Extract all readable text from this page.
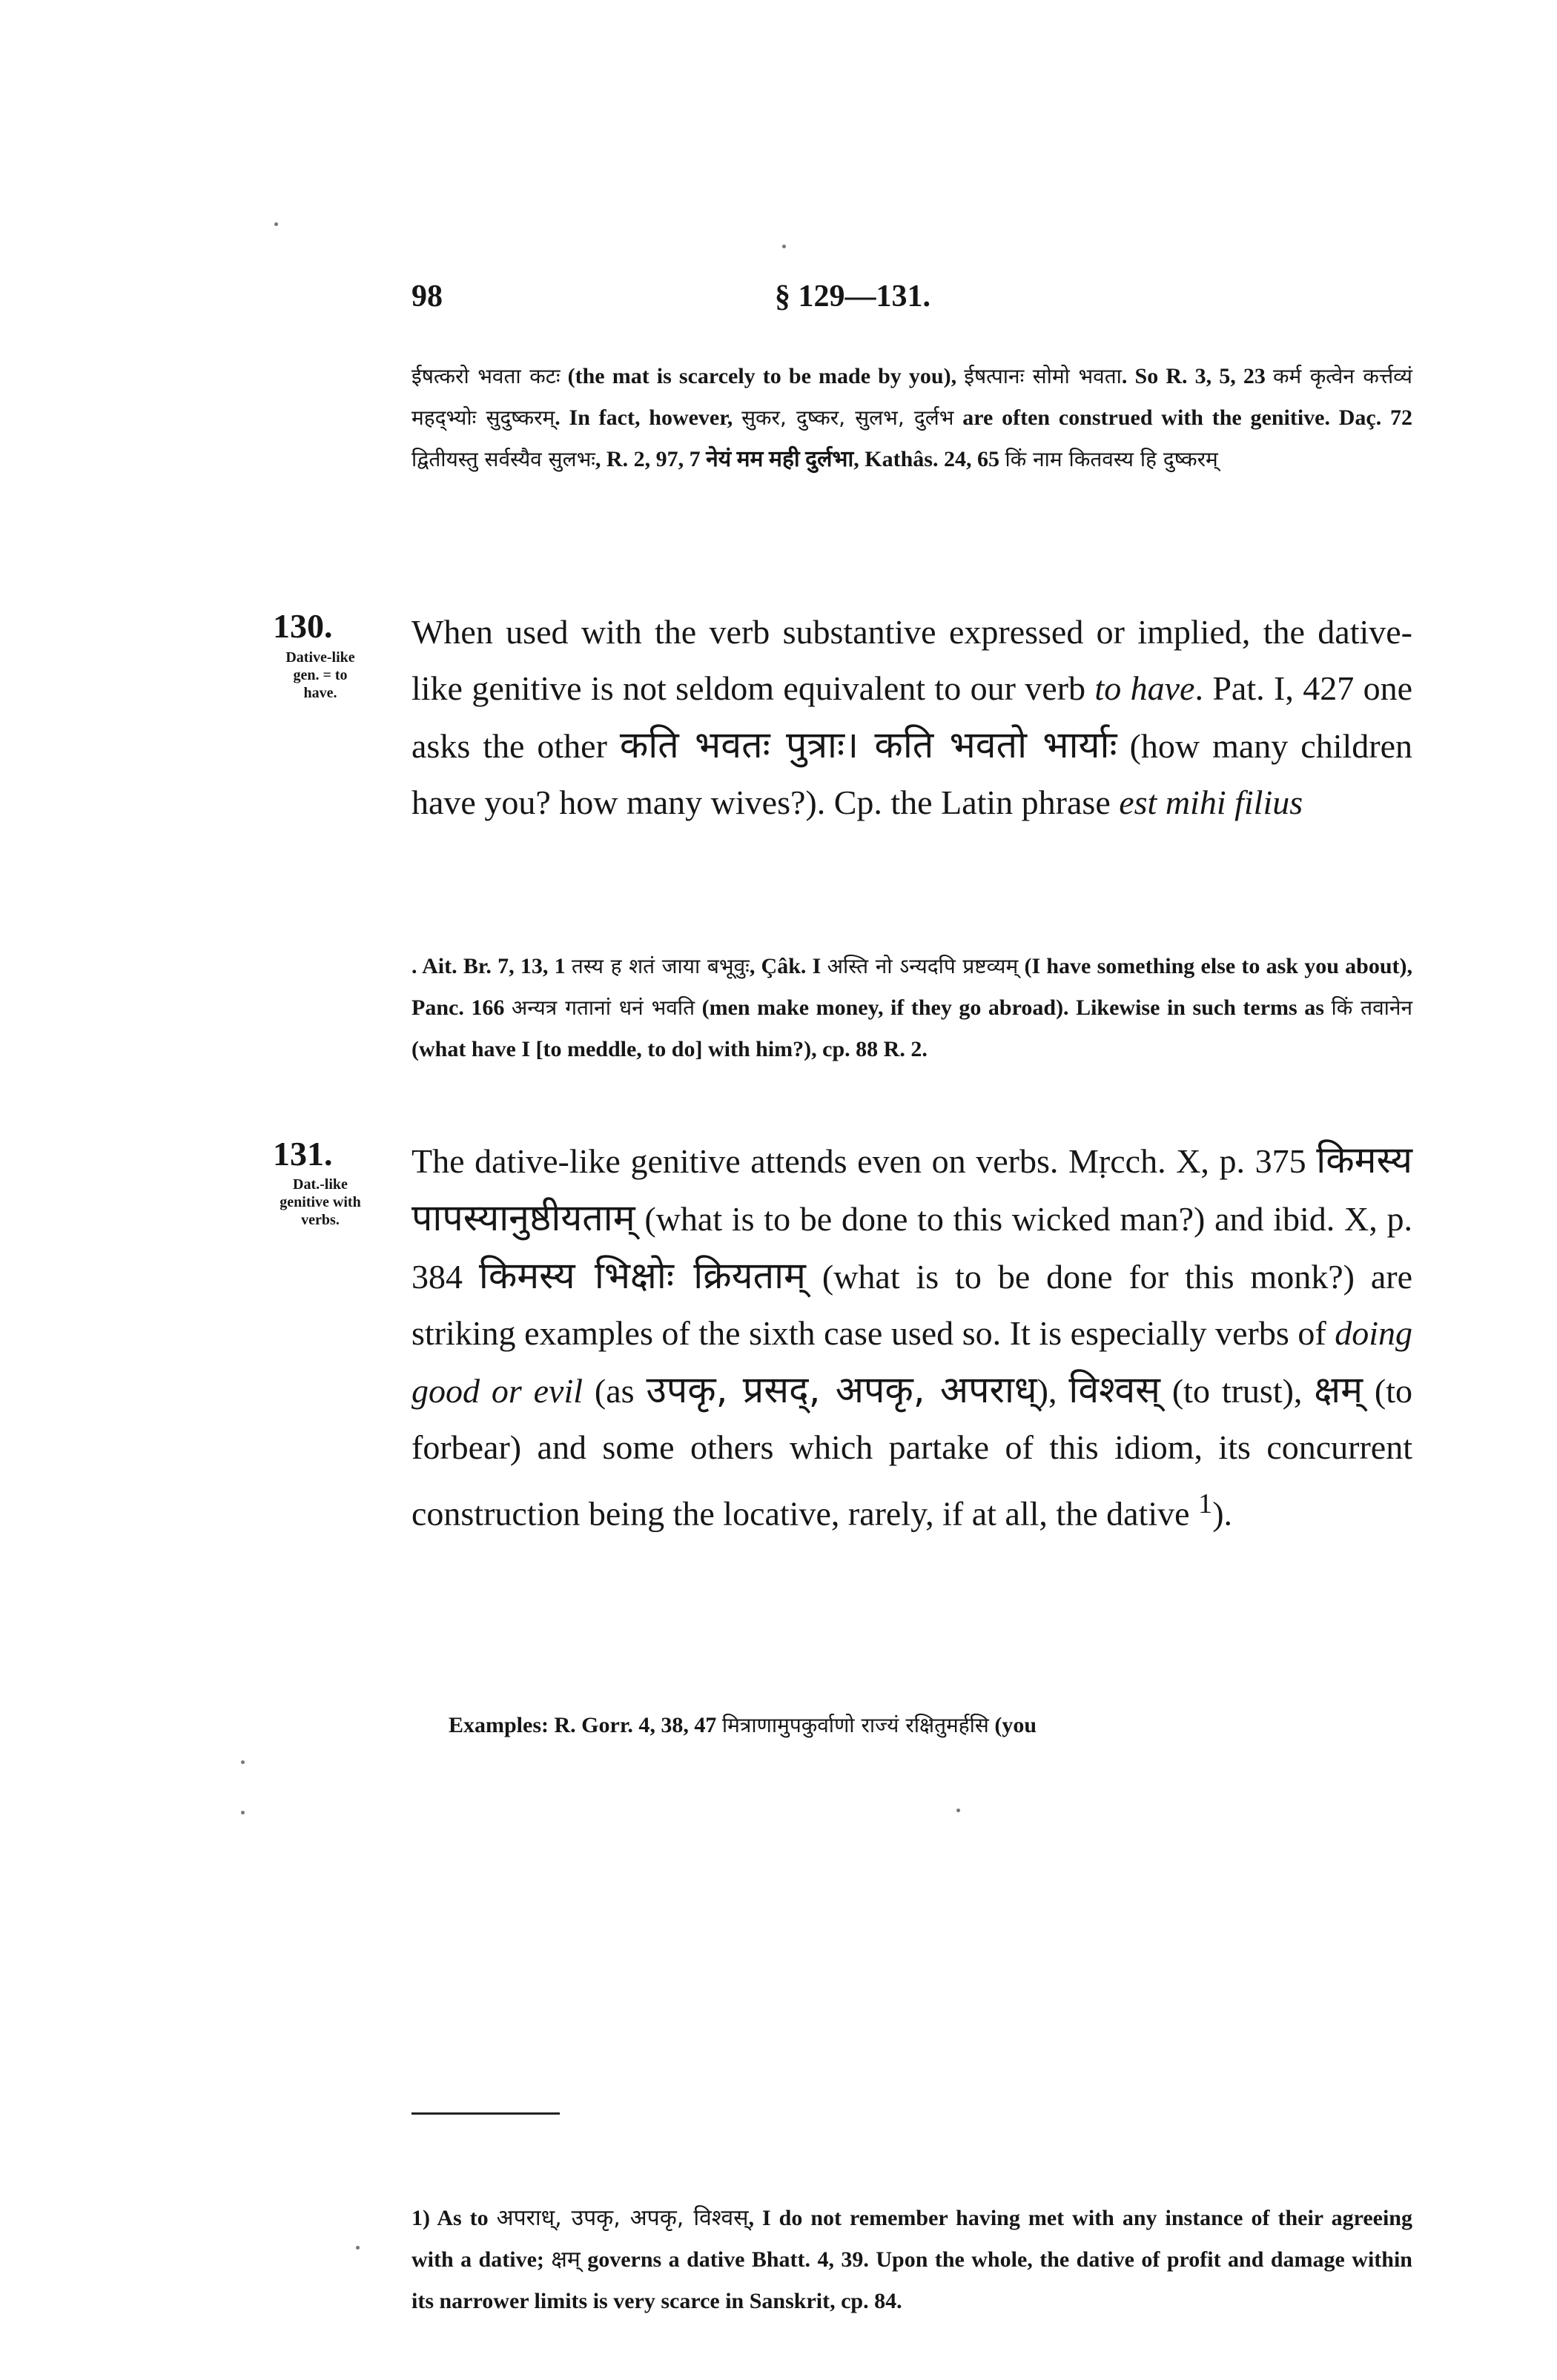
98	§ 129—131.
ईषत्करो भवता कटः (the mat is scarcely to be made by you), ईषत्पानः सोमो भवता. So R. 3, 5, 23 कर्म कृत्वेन कर्त्तव्यं महद्भ्योः सुदुष्करम्. In fact, however, सुकर, दुष्कर, सुलभ, दुर्लभ are often construed with the genitive. Daç. 72 द्वितीयस्तु सर्वस्यैव सुलभः, R. 2, 97, 7 नेयं मम मही दुर्लभा, Kathâs. 24, 65 किं नाम कितवस्य हि दुष्करम्
130.
Dative-like gen. = to have.
When used with the verb substantive expressed or implied, the dative-like genitive is not seldom equivalent to our verb to have. Pat. I, 427 one asks the other कति भवतः पुत्राः। कति भवतो भार्याः (how many children have you? how many wives?). Cp. the Latin phrase est mihi filius
. Ait. Br. 7, 13, 1 तस्य ह शतं जाया बभूवुः, Çâk. I अस्ति नो ऽन्यदपि प्रष्टव्यम् (I have something else to ask you about), Panc. 166 अन्यत्र गतानां धनं भवति (men make money, if they go abroad). Likewise in such terms as किं तवानेन (what have I [to meddle, to do] with him?), cp. 88 R. 2.
131.
Dat.-like genitive with verbs.
The dative-like genitive attends even on verbs. Mṛcch. X, p. 375 किमस्य पापस्यानुष्ठीयताम् (what is to be done to this wicked man?) and ibid. X, p. 384 किमस्य भिक्षोः क्रियताम् (what is to be done for this monk?) are striking examples of the sixth case used so. It is especially verbs of doing good or evil (as उपकृ, प्रसद्, अपकृ, अपराध्), विश्वस् (to trust), क्षम् (to forbear) and some others which partake of this idiom, its concurrent construction being the locative, rarely, if at all, the dative $^1$).
Examples: R. Gorr. 4, 38, 47 मित्राणामुपकुर्वाणो राज्यं रक्षितुमर्हसि (you
1) As to अपराध्, उपकृ, अपकृ, विश्वस्, I do not remember having met with any instance of their agreeing with a dative; क्षम् governs a dative Bhatt. 4, 39. Upon the whole, the dative of profit and damage within its narrower limits is very scarce in Sanskrit, cp. 84.
